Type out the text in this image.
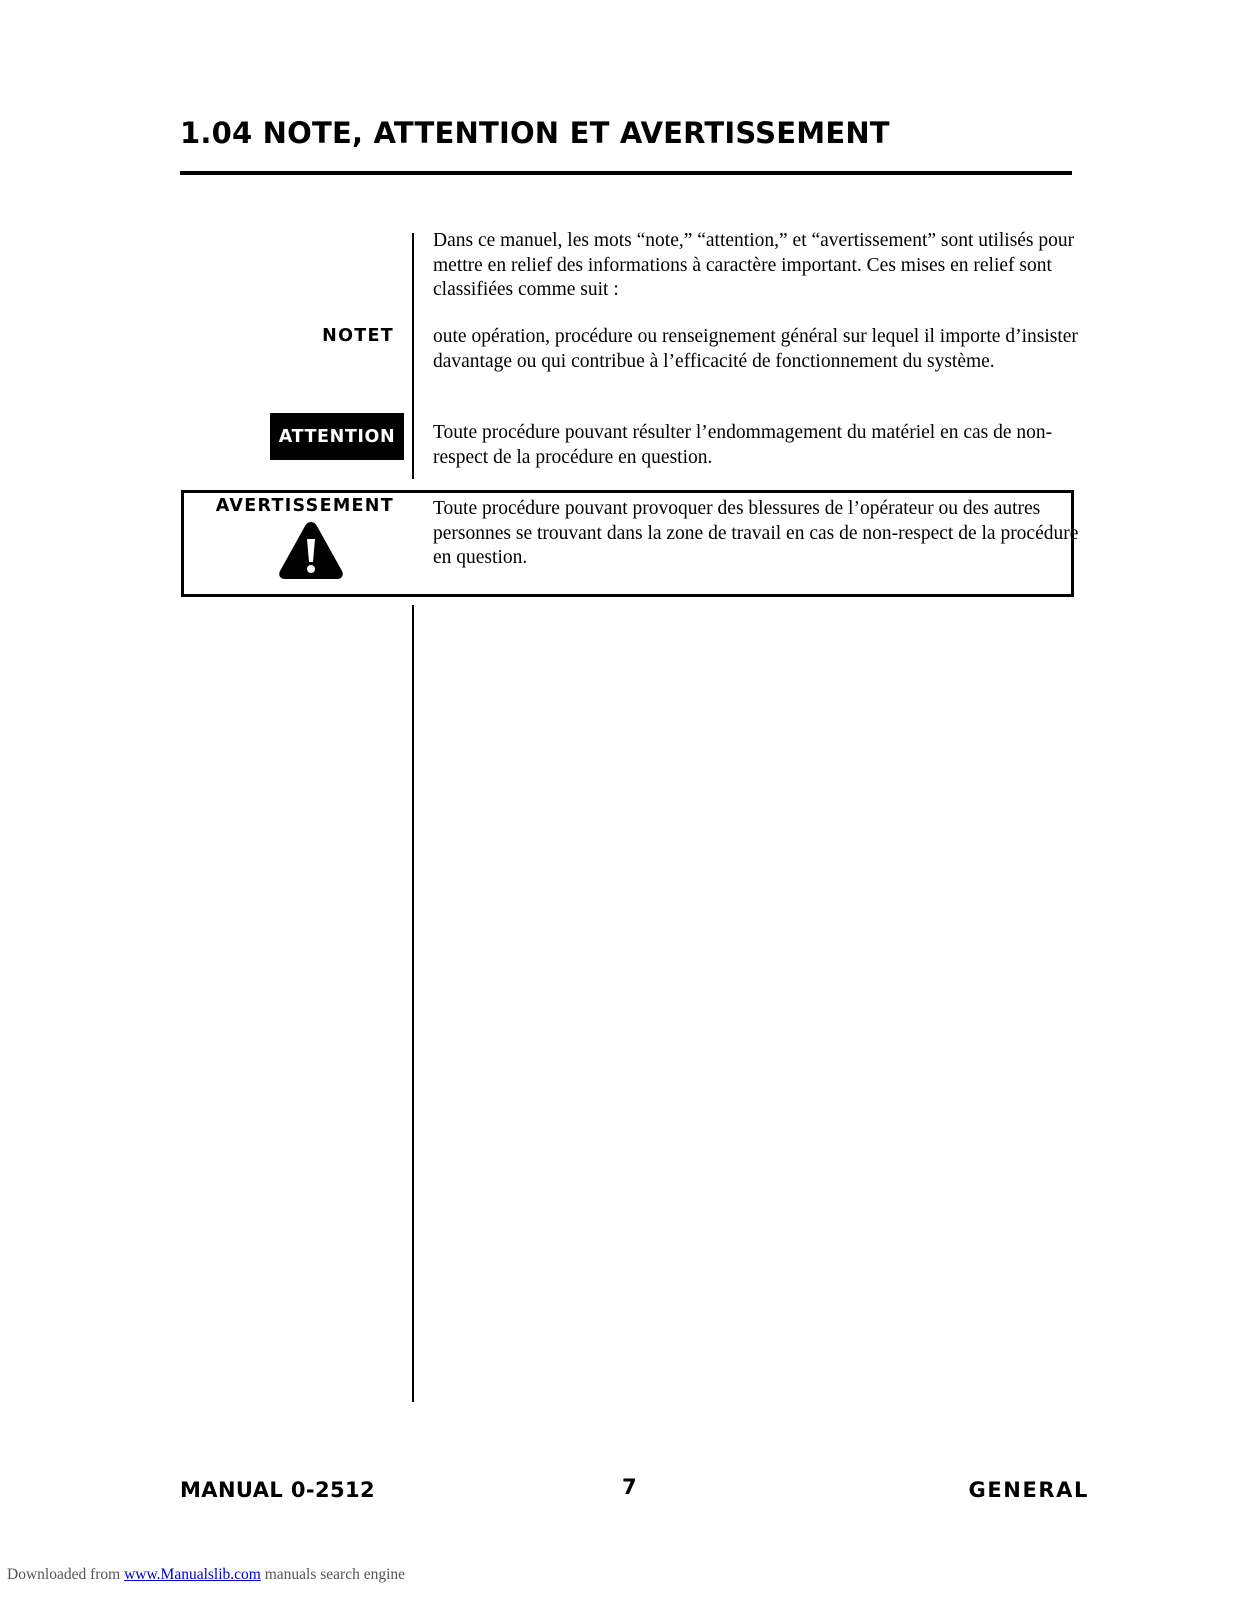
1.04 NOTE, ATTENTION ET AVERTISSEMENT
Dans ce manuel, les mots “note,” “attention,” et “avertissement” sont utilisés pour mettre en relief des informations à caractère important. Ces mises en relief sont classifiées comme suit :
NOTET oute opération, procédure ou renseignement général sur lequel il importe d’insister davantage ou qui contribue à l’efficacité de fonctionnement du système.
ATTENTION Toute procédure pouvant résulter l’endommagement du matériel en cas de non-respect de la procédure en question.
AVERTISSEMENT Toute procédure pouvant provoquer des blessures de l’opérateur ou des autres personnes se trouvant dans la zone de travail en cas de non-respect de la procédure en question.
MANUAL 0-2512	7	GENERAL
Downloaded from www.Manualslib.com manuals search engine
